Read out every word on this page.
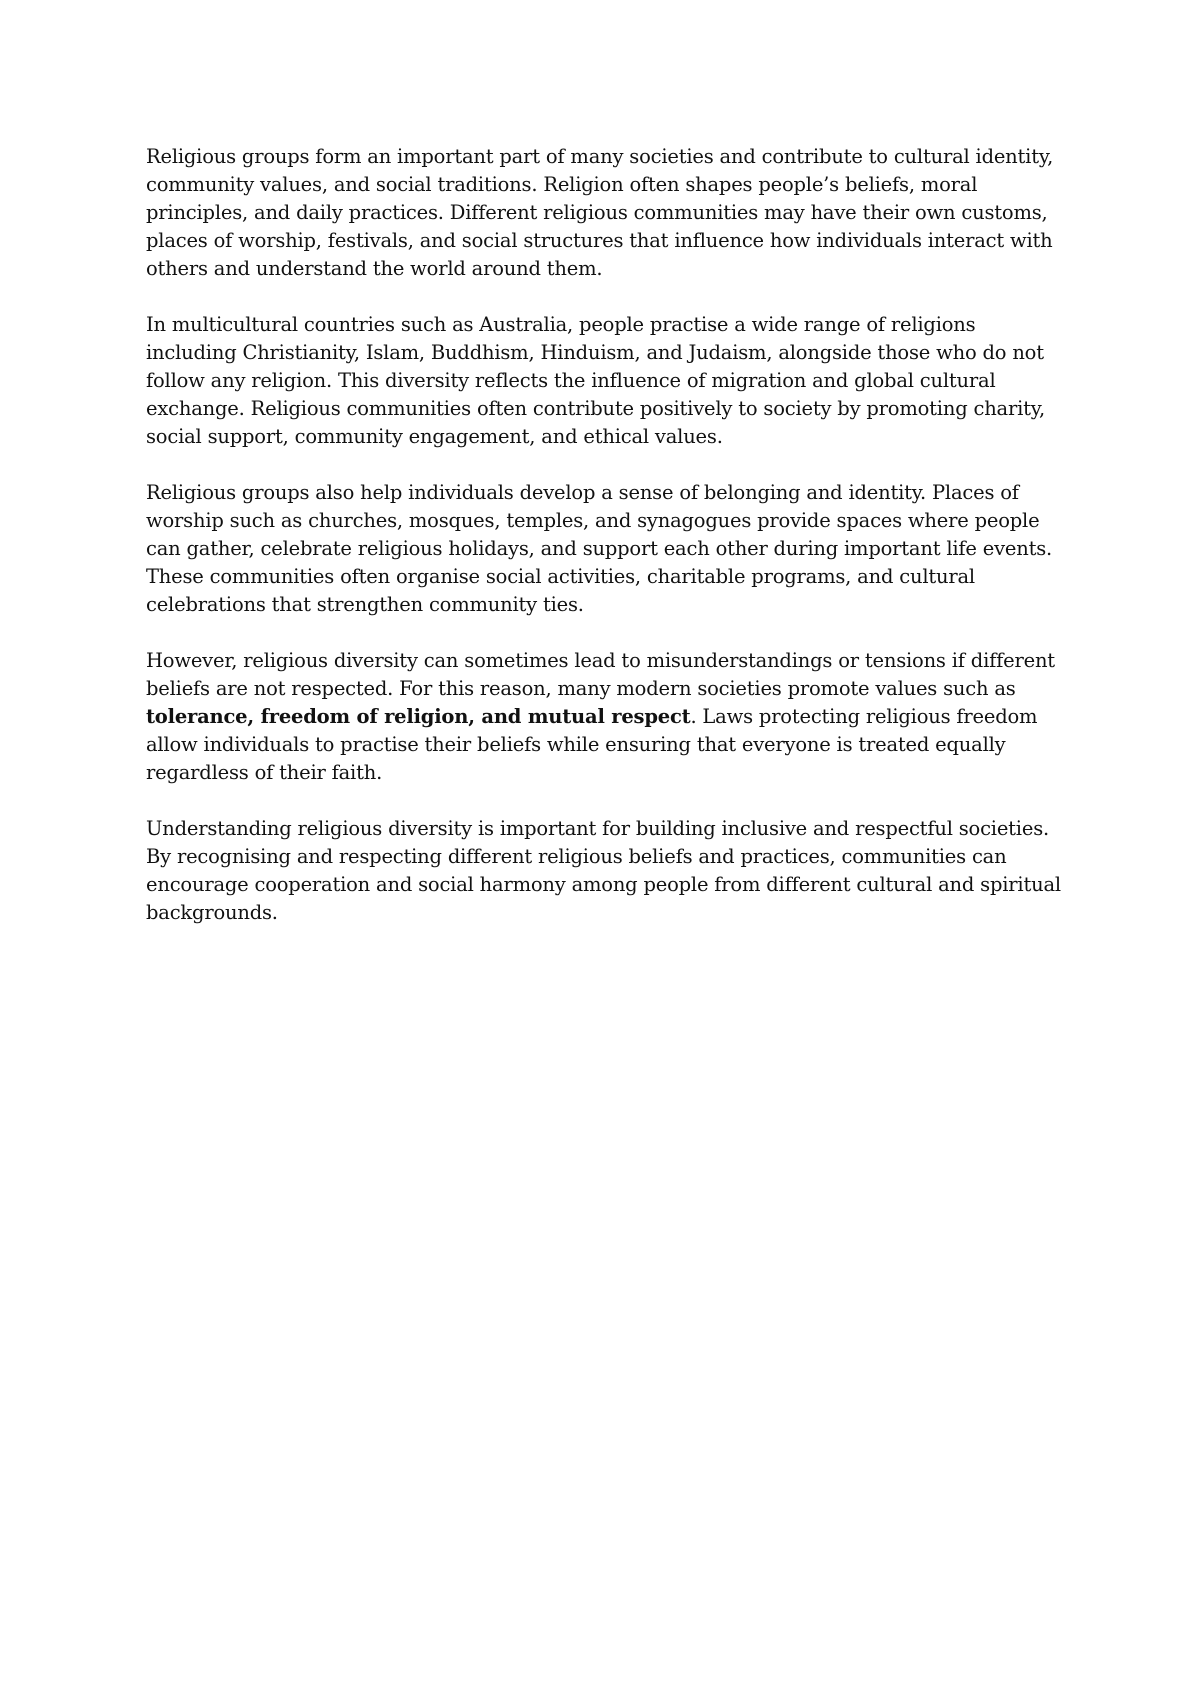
Religious groups form an important part of many societies and contribute to cultural identity, community values, and social traditions. Religion often shapes people’s beliefs, moral principles, and daily practices. Different religious communities may have their own customs, places of worship, festivals, and social structures that influence how individuals interact with others and understand the world around them.

In multicultural countries such as Australia, people practise a wide range of religions including Christianity, Islam, Buddhism, Hinduism, and Judaism, alongside those who do not follow any religion. This diversity reflects the influence of migration and global cultural exchange. Religious communities often contribute positively to society by promoting charity, social support, community engagement, and ethical values.

Religious groups also help individuals develop a sense of belonging and identity. Places of worship such as churches, mosques, temples, and synagogues provide spaces where people can gather, celebrate religious holidays, and support each other during important life events. These communities often organise social activities, charitable programs, and cultural celebrations that strengthen community ties.

However, religious diversity can sometimes lead to misunderstandings or tensions if different beliefs are not respected. For this reason, many modern societies promote values such as tolerance, freedom of religion, and mutual respect. Laws protecting religious freedom allow individuals to practise their beliefs while ensuring that everyone is treated equally regardless of their faith.

Understanding religious diversity is important for building inclusive and respectful societies. By recognising and respecting different religious beliefs and practices, communities can encourage cooperation and social harmony among people from different cultural and spiritual backgrounds.
